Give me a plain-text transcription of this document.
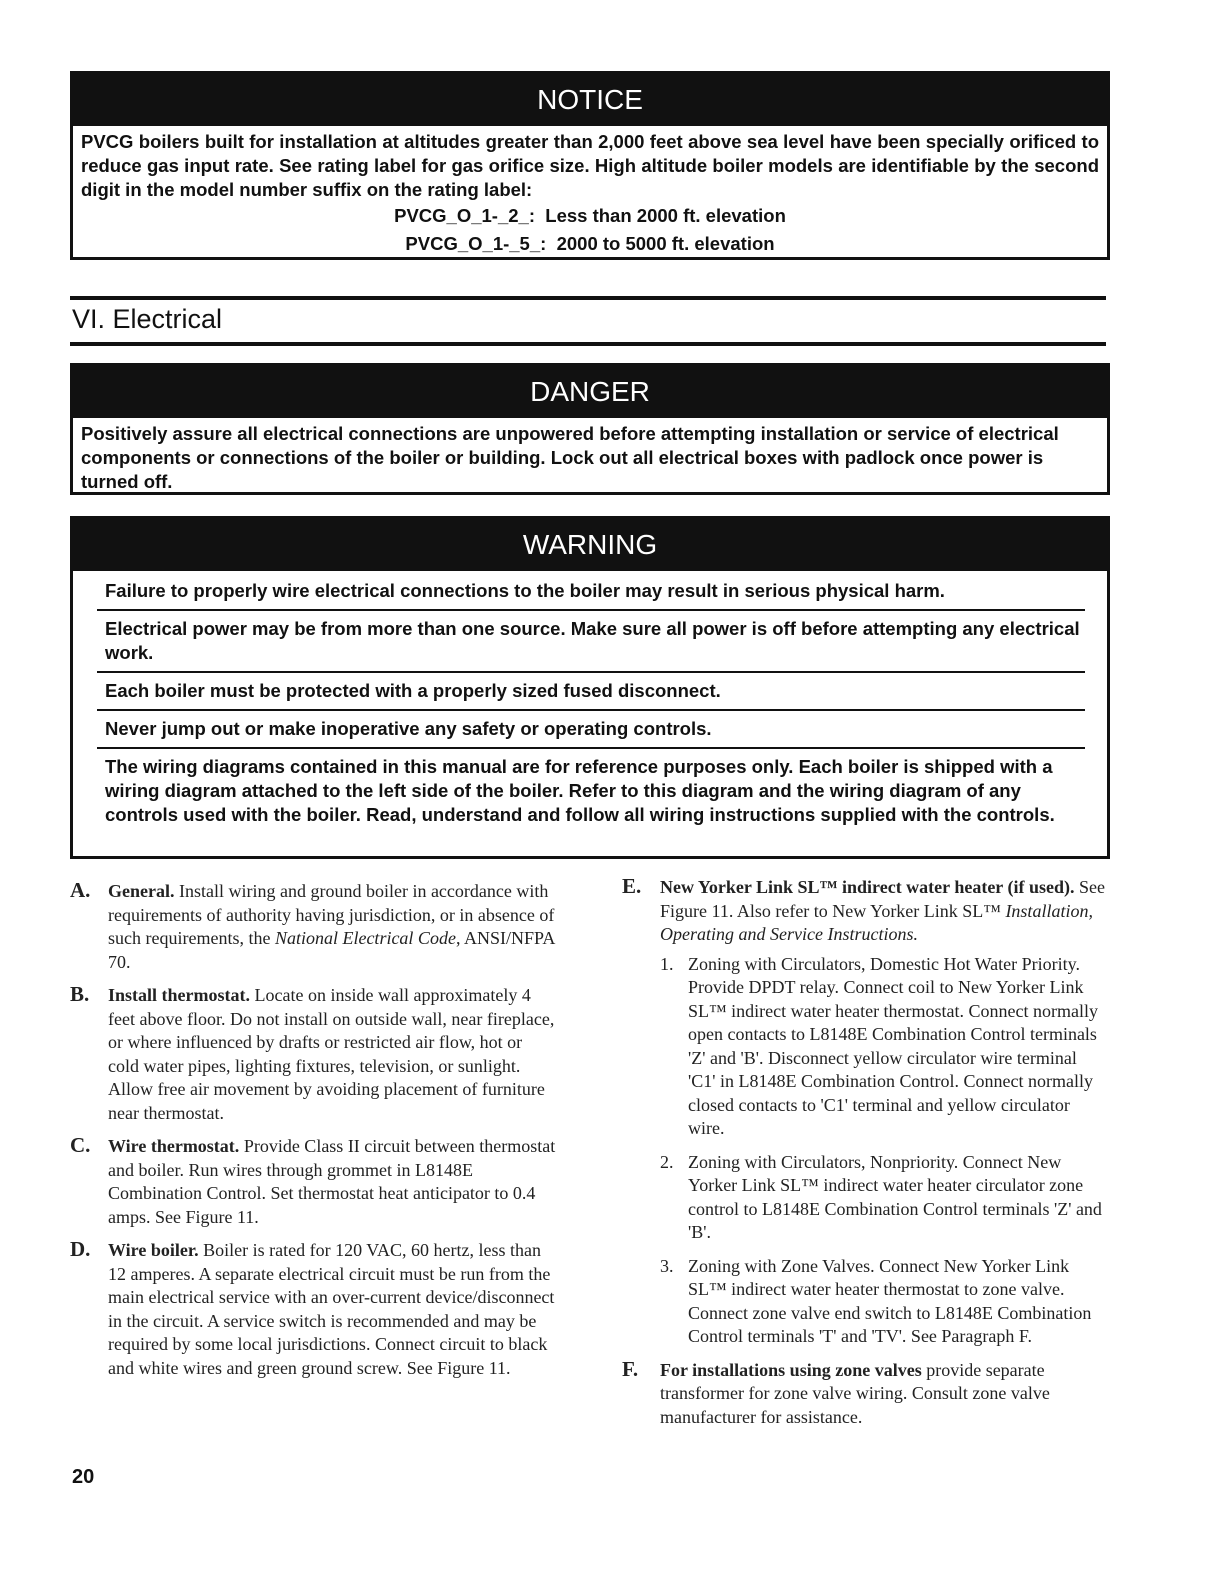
NOTICE
PVCG boilers built for installation at altitudes greater than 2,000 feet above sea level have been specially orificed to reduce gas input rate. See rating label for gas orifice size. High altitude boiler models are identifiable by the second digit in the model number suffix on the rating label:
PVCG_O_1-_2_: Less than 2000 ft. elevation
PVCG_O_1-_5_: 2000 to 5000 ft. elevation
VI. Electrical
DANGER
Positively assure all electrical connections are unpowered before attempting installation or service of electrical components or connections of the boiler or building. Lock out all electrical boxes with padlock once power is turned off.
WARNING
Failure to properly wire electrical connections to the boiler may result in serious physical harm.
Electrical power may be from more than one source. Make sure all power is off before attempting any electrical work.
Each boiler must be protected with a properly sized fused disconnect.
Never jump out or make inoperative any safety or operating controls.
The wiring diagrams contained in this manual are for reference purposes only. Each boiler is shipped with a wiring diagram attached to the left side of the boiler. Refer to this diagram and the wiring diagram of any controls used with the boiler. Read, understand and follow all wiring instructions supplied with the controls.
A. General. Install wiring and ground boiler in accordance with requirements of authority having jurisdiction, or in absence of such requirements, the National Electrical Code, ANSI/NFPA 70.
B. Install thermostat. Locate on inside wall approximately 4 feet above floor. Do not install on outside wall, near fireplace, or where influenced by drafts or restricted air flow, hot or cold water pipes, lighting fixtures, television, or sunlight. Allow free air movement by avoiding placement of furniture near thermostat.
C. Wire thermostat. Provide Class II circuit between thermostat and boiler. Run wires through grommet in L8148E Combination Control. Set thermostat heat anticipator to 0.4 amps. See Figure 11.
D. Wire boiler. Boiler is rated for 120 VAC, 60 hertz, less than 12 amperes. A separate electrical circuit must be run from the main electrical service with an over-current device/disconnect in the circuit. A service switch is recommended and may be required by some local jurisdictions. Connect circuit to black and white wires and green ground screw. See Figure 11.
E. New Yorker Link SL™ indirect water heater (if used). See Figure 11. Also refer to New Yorker Link SL™ Installation, Operating and Service Instructions.
1. Zoning with Circulators, Domestic Hot Water Priority. Provide DPDT relay. Connect coil to New Yorker Link SL™ indirect water heater thermostat. Connect normally open contacts to L8148E Combination Control terminals 'Z' and 'B'. Disconnect yellow circulator wire terminal 'C1' in L8148E Combination Control. Connect normally closed contacts to 'C1' terminal and yellow circulator wire.
2. Zoning with Circulators, Nonpriority. Connect New Yorker Link SL™ indirect water heater circulator zone control to L8148E Combination Control terminals 'Z' and 'B'.
3. Zoning with Zone Valves. Connect New Yorker Link SL™ indirect water heater thermostat to zone valve. Connect zone valve end switch to L8148E Combination Control terminals 'T' and 'TV'. See Paragraph F.
F. For installations using zone valves provide separate transformer for zone valve wiring. Consult zone valve manufacturer for assistance.
20
